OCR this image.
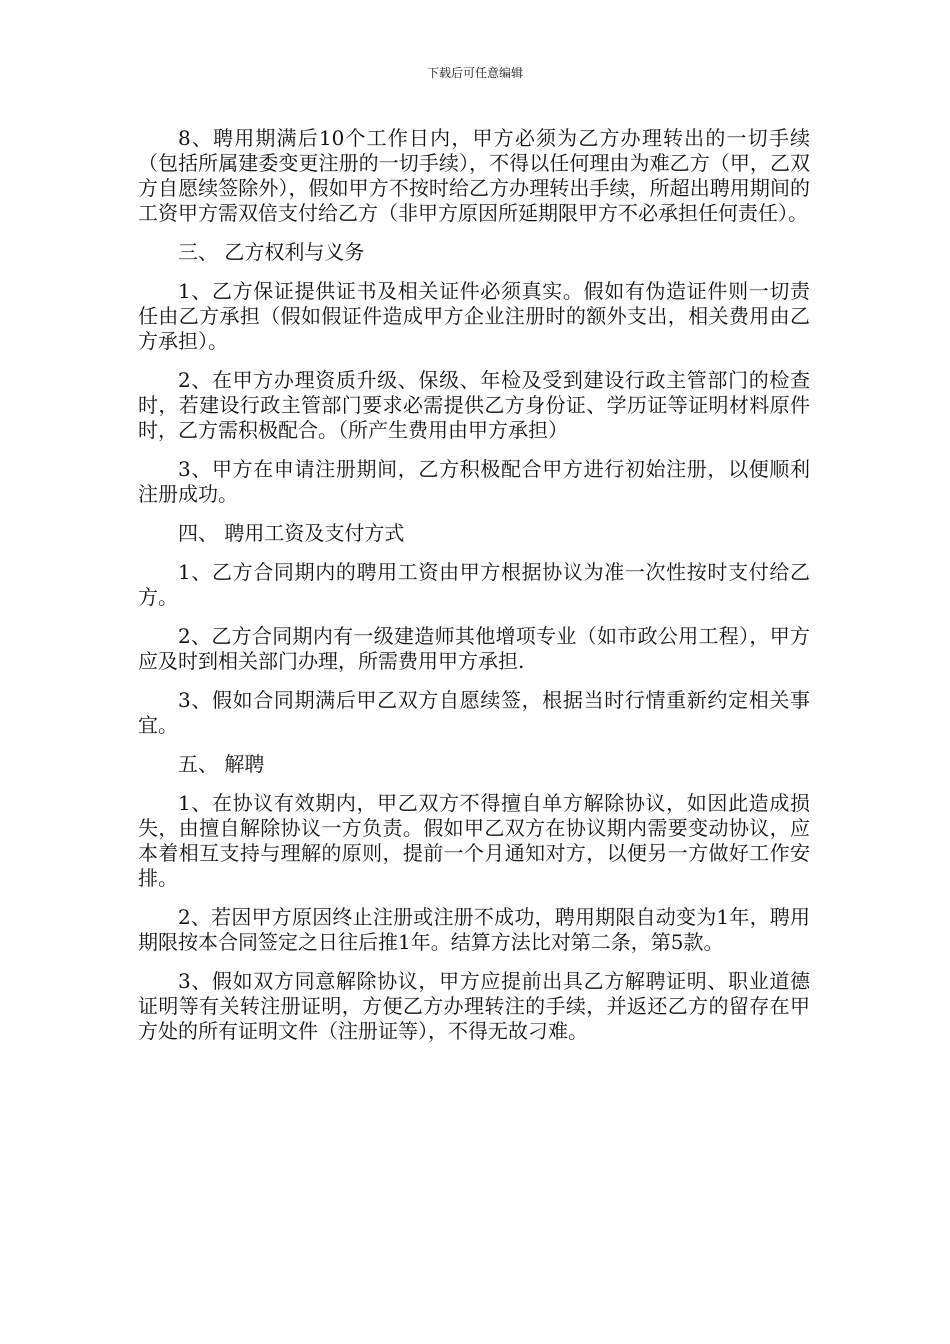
下载后可任意编辑

8、聘用期满后10个工作日内，甲方必须为乙方办理转出的一切手续（包括所属建委变更注册的一切手续），不得以任何理由为难乙方（甲，乙双方自愿续签除外），假如甲方不按时给乙方办理转出手续，所超出聘用期间的工资甲方需双倍支付给乙方（非甲方原因所延期限甲方不必承担任何责任）。

三、 乙方权利与义务

1、乙方保证提供证书及相关证件必须真实。假如有伪造证件则一切责任由乙方承担（假如假证件造成甲方企业注册时的额外支出，相关费用由乙方承担）。

2、在甲方办理资质升级、保级、年检及受到建设行政主管部门的检查时，若建设行政主管部门要求必需提供乙方身份证、学历证等证明材料原件时，乙方需积极配合。（所产生费用由甲方承担）

3、甲方在申请注册期间，乙方积极配合甲方进行初始注册，以便顺利注册成功。

四、 聘用工资及支付方式

1、乙方合同期内的聘用工资由甲方根据协议为准一次性按时支付给乙方。

2、乙方合同期内有一级建造师其他增项专业（如市政公用工程），甲方应及时到相关部门办理，所需费用甲方承担.

3、假如合同期满后甲乙双方自愿续签，根据当时行情重新约定相关事宜。

五、 解聘

1、在协议有效期内，甲乙双方不得擅自单方解除协议，如因此造成损失，由擅自解除协议一方负责。假如甲乙双方在协议期内需要变动协议，应本着相互支持与理解的原则，提前一个月通知对方，以便另一方做好工作安排。

2、若因甲方原因终止注册或注册不成功，聘用期限自动变为1年，聘用期限按本合同签定之日往后推1年。结算方法比对第二条，第5款。

3、假如双方同意解除协议，甲方应提前出具乙方解聘证明、职业道德证明等有关转注册证明，方便乙方办理转注的手续，并返还乙方的留存在甲方处的所有证明文件（注册证等），不得无故刁难。
